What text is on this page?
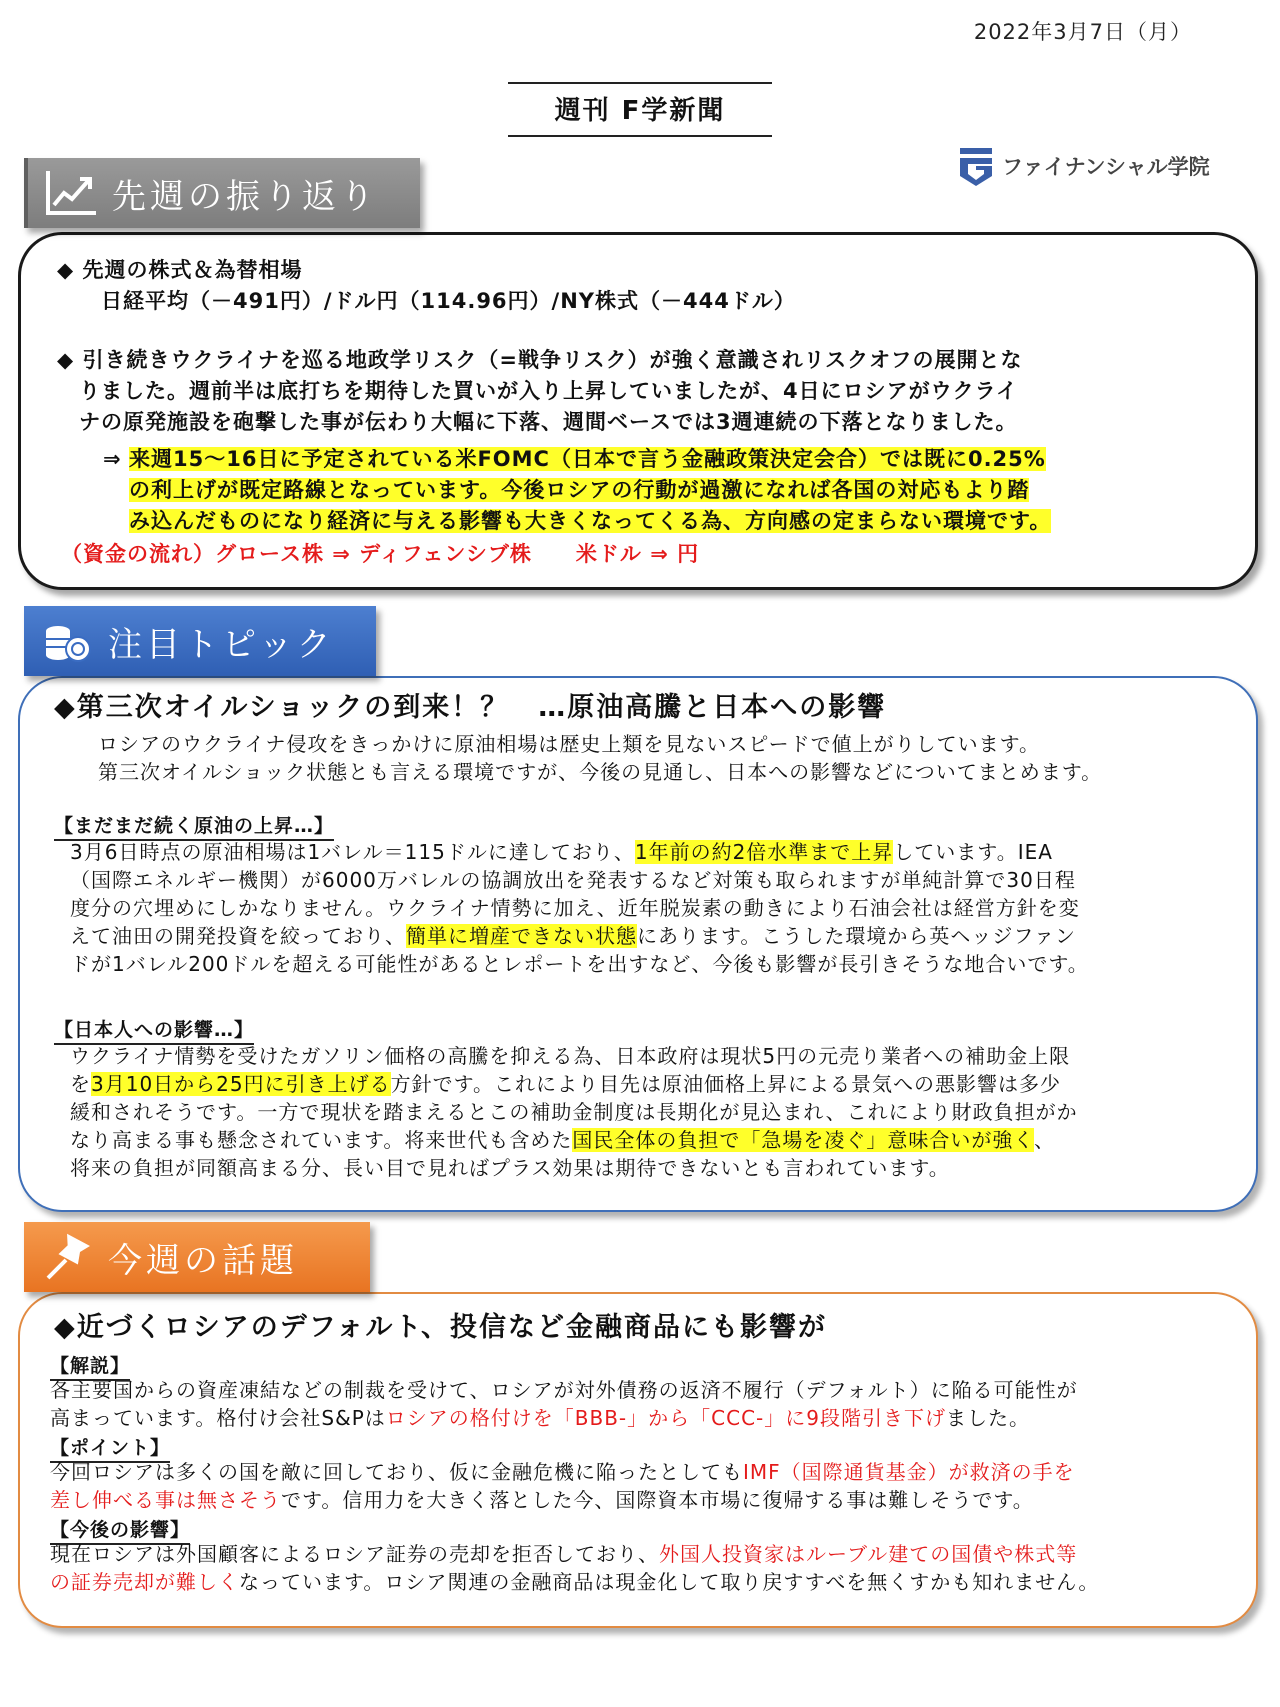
2022年3月7日（月）
週刊 F学新聞
ファイナンシャル学院
先週の振り返り
◆ 先週の株式＆為替相場
日経平均（－491円）/ドル円（114.96円）/NY株式（－444ドル）
◆ 引き続きウクライナを巡る地政学リスク（=戦争リスク）が強く意識されリスクオフの展開とな
りました。週前半は底打ちを期待した買いが入り上昇していましたが、4日にロシアがウクライ
ナの原発施設を砲撃した事が伝わり大幅に下落、週間ベースでは3週連続の下落となりました。
⇒ 来週15～16日に予定されている米FOMC（日本で言う金融政策決定会合）では既に0.25%
の利上げが既定路線となっています。今後ロシアの行動が過激になれば各国の対応もより踏
み込んだものになり経済に与える影響も大きくなってくる為、方向感の定まらない環境です。
（資金の流れ）グロース株 ⇒ ディフェンシブ株　　米ドル ⇒ 円
注目トピック
◆第三次オイルショックの到来！？　…原油高騰と日本への影響
ロシアのウクライナ侵攻をきっかけに原油相場は歴史上類を見ないスピードで値上がりしています。
第三次オイルショック状態とも言える環境ですが、今後の見通し、日本への影響などについてまとめます。
【まだまだ続く原油の上昇…】
3月6日時点の原油相場は1バレル＝115ドルに達しており、1年前の約2倍水準まで上昇しています。IEA
（国際エネルギー機関）が6000万バレルの協調放出を発表するなど対策も取られますが単純計算で30日程
度分の穴埋めにしかなりません。ウクライナ情勢に加え、近年脱炭素の動きにより石油会社は経営方針を変
えて油田の開発投資を絞っており、簡単に増産できない状態にあります。こうした環境から英ヘッジファン
ドが1バレル200ドルを超える可能性があるとレポートを出すなど、今後も影響が長引きそうな地合いです。
【日本人への影響…】
ウクライナ情勢を受けたガソリン価格の高騰を抑える為、日本政府は現状5円の元売り業者への補助金上限
を3月10日から25円に引き上げる方針です。これにより目先は原油価格上昇による景気への悪影響は多少
緩和されそうです。一方で現状を踏まえるとこの補助金制度は長期化が見込まれ、これにより財政負担がか
なり高まる事も懸念されています。将来世代も含めた国民全体の負担で「急場を凌ぐ」意味合いが強く、
将来の負担が同額高まる分、長い目で見ればプラス効果は期待できないとも言われています。
今週の話題
◆近づくロシアのデフォルト、投信など金融商品にも影響が
【解説】
各主要国からの資産凍結などの制裁を受けて、ロシアが対外債務の返済不履行（デフォルト）に陥る可能性が
高まっています。格付け会社S&Pはロシアの格付けを「BBB-」から「CCC-」に9段階引き下げました。
【ポイント】
今回ロシアは多くの国を敵に回しており、仮に金融危機に陥ったとしてもIMF（国際通貨基金）が救済の手を
差し伸べる事は無さそうです。信用力を大きく落とした今、国際資本市場に復帰する事は難しそうです。
【今後の影響】
現在ロシアは外国顧客によるロシア証券の売却を拒否しており、外国人投資家はルーブル建ての国債や株式等
の証券売却が難しくなっています。ロシア関連の金融商品は現金化して取り戻すすべを無くすかも知れません。
